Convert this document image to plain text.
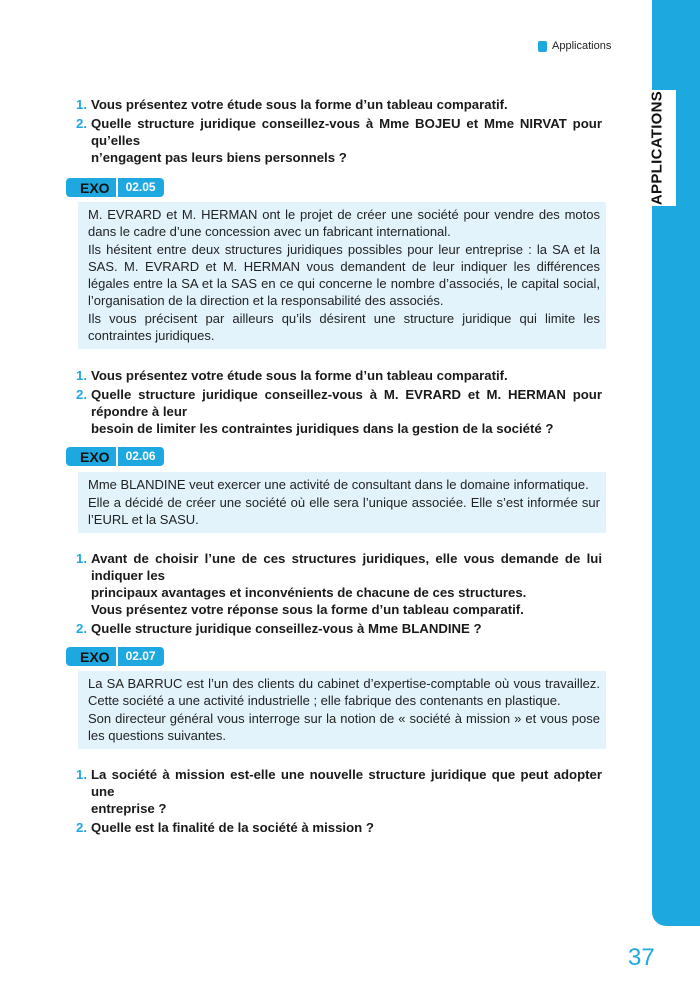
APPLICATIONS
Applications
1. Vous présentez votre étude sous la forme d’un tableau comparatif.
2. Quelle structure juridique conseillez-vous à Mme BOJEU et Mme NIRVAT pour qu’elles
n’engagent pas leurs biens personnels ?
EXO	02.05

M. EVRARD et M. HERMAN ont le projet de créer une société pour vendre des motos dans le cadre d’une concession avec un fabricant international.

Ils hésitent entre deux structures juridiques possibles pour leur entreprise : la SA et la SAS. M. EVRARD et M. HERMAN vous demandent de leur indiquer les différences légales entre la SA et la SAS en ce qui concerne le nombre d’associés, le capital social, l’organisation de la direction et la responsabilité des associés.

Ils vous précisent par ailleurs qu’ils désirent une structure juridique qui limite les contraintes juridiques.

1. Vous présentez votre étude sous la forme d’un tableau comparatif.
2. Quelle structure juridique conseillez-vous à M. EVRARD et M. HERMAN pour répondre à leur
besoin de limiter les contraintes juridiques dans la gestion de la société ?
EXO	02.06

Mme BLANDINE veut exercer une activité de consultant dans le domaine informatique.

Elle a décidé de créer une société où elle sera l’unique associée. Elle s’est informée sur l’EURL et la SASU.

1. Avant de choisir l’une de ces structures juridiques, elle vous demande de lui indiquer les
principaux avantages et inconvénients de chacune de ces structures.
Vous présentez votre réponse sous la forme d’un tableau comparatif.
2. Quelle structure juridique conseillez-vous à Mme BLANDINE ?
EXO	02.07

La SA BARRUC est l’un des clients du cabinet d’expertise-comptable où vous travaillez. Cette société a une activité industrielle ; elle fabrique des contenants en plastique.

Son directeur général vous interroge sur la notion de « société à mission » et vous pose les questions suivantes.

1. La société à mission est-elle une nouvelle structure juridique que peut adopter une
entreprise ?
2. Quelle est la finalité de la société à mission ?
37
